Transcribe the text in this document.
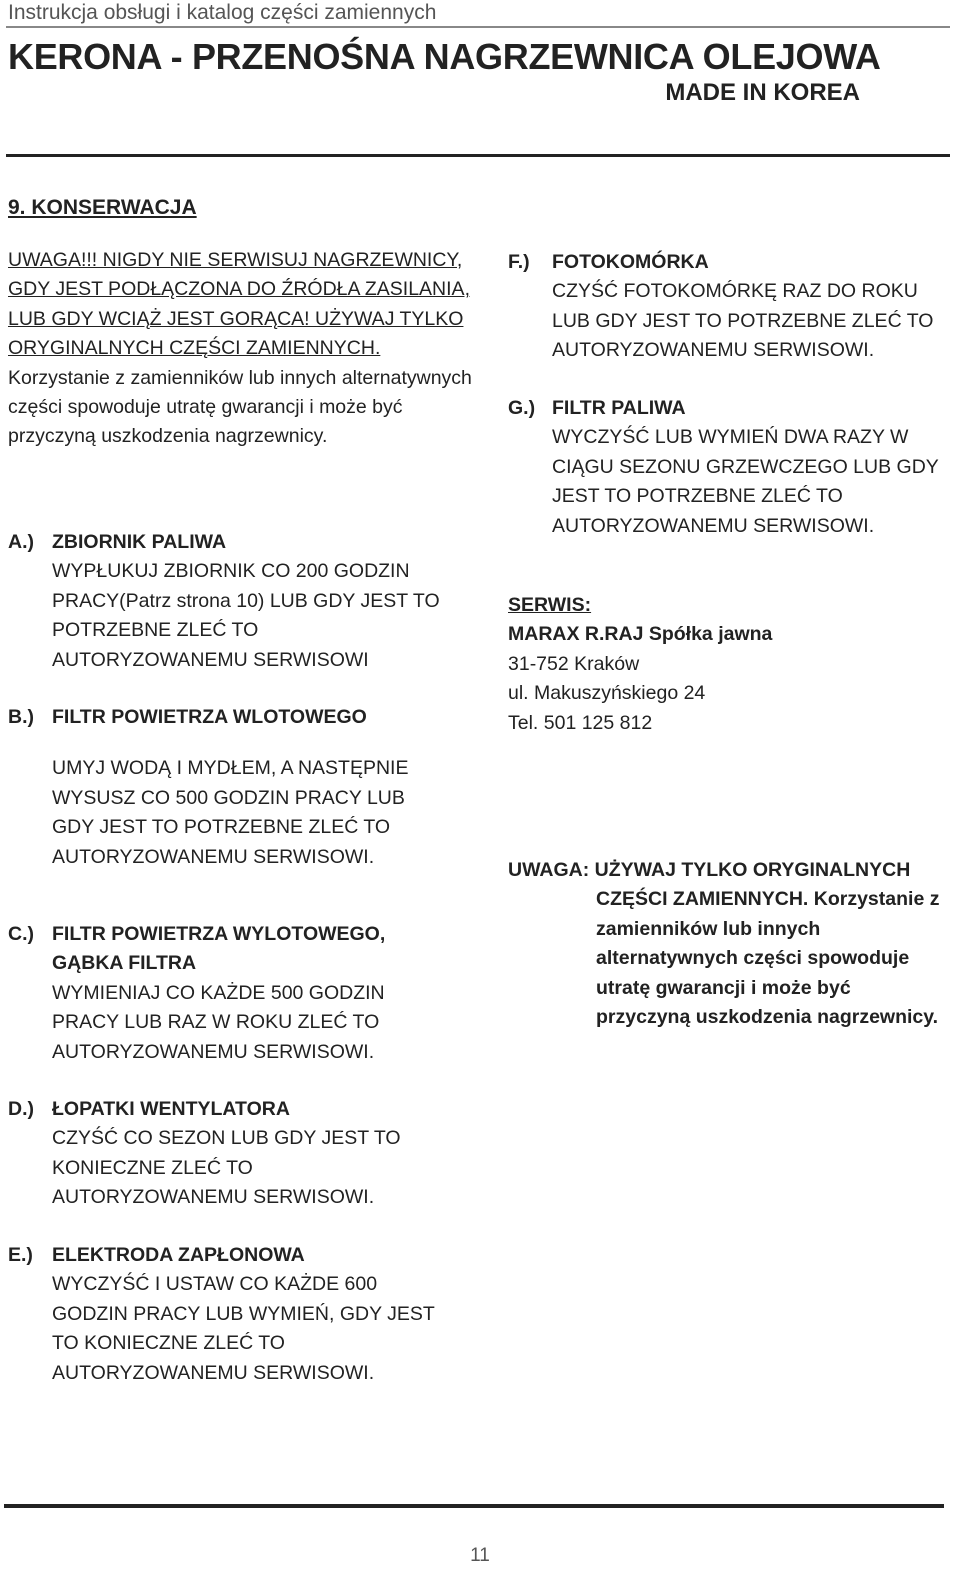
Instrukcja obsługi i katalog części zamiennych
KERONA - PRZENOŚNA NAGRZEWNICA OLEJOWA
MADE IN KOREA
9. KONSERWACJA
UWAGA!!! NIGDY NIE SERWISUJ NAGRZEWNICY, GDY JEST PODŁĄCZONA DO ŹRÓDŁA ZASILANIA, LUB GDY WCIĄŻ JEST GORĄCA! UŻYWAJ TYLKO ORYGINALNYCH CZĘŚCI ZAMIENNYCH. Korzystanie z zamienników lub innych alternatywnych części spowoduje utratę gwarancji i może być przyczyną uszkodzenia nagrzewnicy.
A.) ZBIORNIK PALIWA
WYPŁUKUJ ZBIORNIK CO 200 GODZIN PRACY(Patrz strona 10) LUB GDY JEST TO POTRZEBNE ZLEĆ TO AUTORYZOWANEMU SERWISOWI
B.) FILTR POWIETRZA WLOTOWEGO
UMYJ WODĄ I MYDŁEM, A NASTĘPNIE WYSUSZ CO 500 GODZIN PRACY LUB GDY JEST TO POTRZEBNE ZLEĆ TO AUTORYZOWANEMU SERWISOWI.
C.) FILTR POWIETRZA WYLOTOWEGO, GĄBKA FILTRA
WYMIENIAJ CO KAŻDE 500 GODZIN PRACY LUB RAZ W ROKU ZLEĆ TO AUTORYZOWANEMU SERWISOWI.
D.) ŁOPATKI WENTYLATORA
CZYŚĆ CO SEZON LUB GDY JEST TO KONIECZNE ZLEĆ TO AUTORYZOWANEMU SERWISOWI.
E.) ELEKTRODA ZAPŁONOWA
WYCZYŚĆ I USTAW CO KAŻDE 600 GODZIN PRACY LUB WYMIEŃ, GDY JEST TO KONIECZNE ZLEĆ TO AUTORYZOWANEMU SERWISOWI.
F.)	FOTOKOMÓRKA
CZYŚĆ FOTOKOMÓRKĘ RAZ DO ROKU LUB GDY JEST TO POTRZEBNE ZLEĆ TO AUTORYZOWANEMU SERWISOWI.
G.) FILTR PALIWA
WYCZYŚĆ LUB WYMIEŃ DWA RAZY W CIĄGU SEZONU GRZEWCZEGO LUB GDY JEST TO POTRZEBNE ZLEĆ TO AUTORYZOWANEMU SERWISOWI.
SERWIS:
MARAX R.RAJ Spółka jawna
31-752 Kraków
ul. Makuszyńskiego 24
Tel. 501 125 812
UWAGA: UŻYWAJ TYLKO ORYGINALNYCH
CZĘŚCI ZAMIENNYCH. Korzystanie z zamienników lub innych alternatywnych części spowoduje utratę gwarancji i może być przyczyną uszkodzenia nagrzewnicy.
11
